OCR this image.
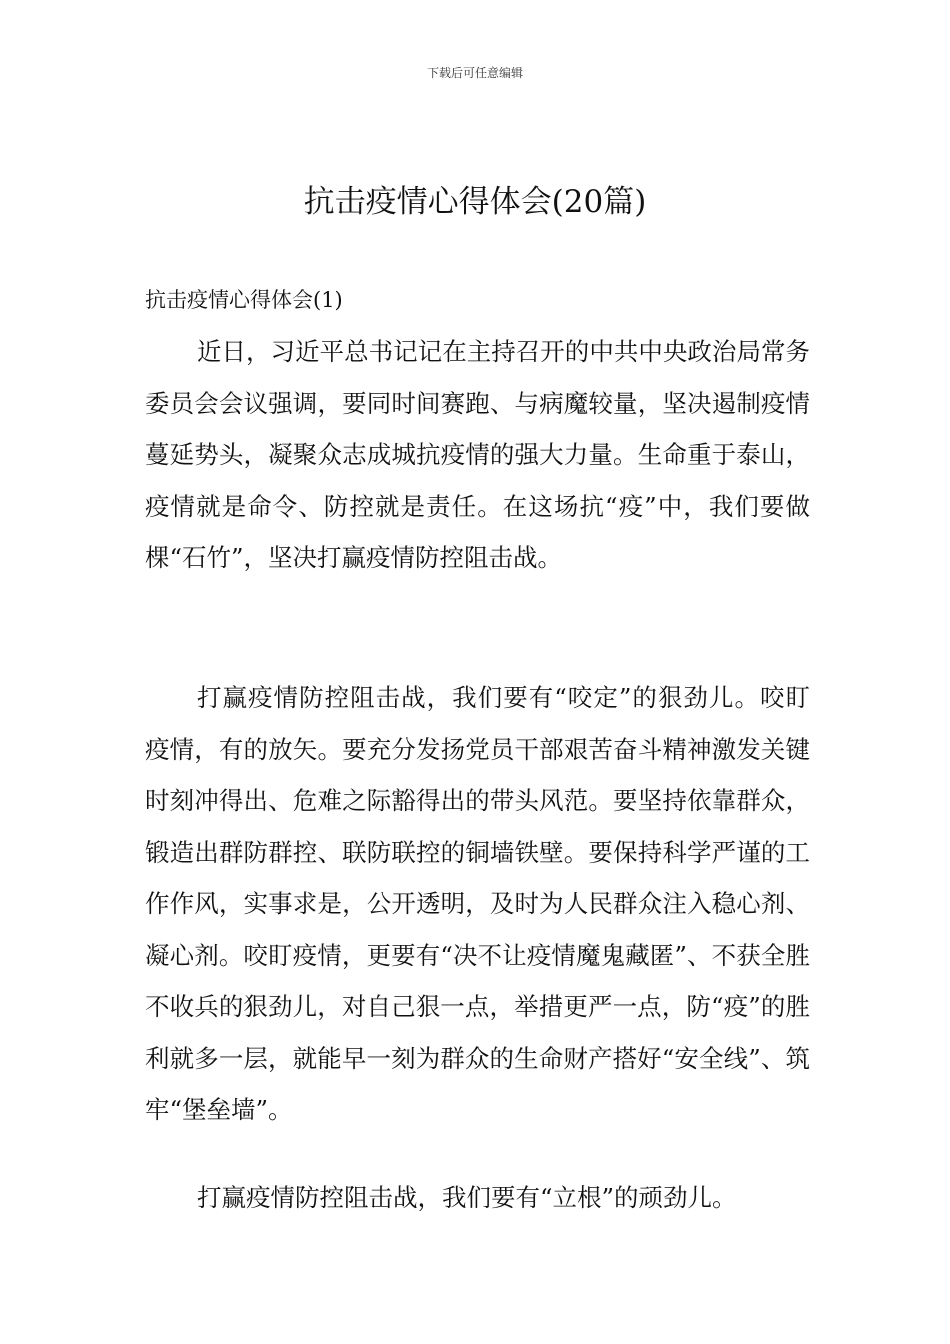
下载后可任意编辑
抗击疫情心得体会(20篇)
抗击疫情心得体会(1)

近日，习近平总书记记在主持召开的中共中央政治局常务委员会会议强调，要同时间赛跑、与病魔较量，坚决遏制疫情蔓延势头，凝聚众志成城抗疫情的强大力量。生命重于泰山，疫情就是命令、防控就是责任。在这场抗“疫”中，我们要做棵“石竹”，坚决打赢疫情防控阻击战。

打赢疫情防控阻击战，我们要有“咬定”的狠劲儿。咬盯疫情，有的放矢。要充分发扬党员干部艰苦奋斗精神激发关键时刻冲得出、危难之际豁得出的带头风范。要坚持依靠群众，锻造出群防群控、联防联控的铜墙铁壁。要保持科学严谨的工作作风，实事求是，公开透明，及时为人民群众注入稳心剂、凝心剂。咬盯疫情，更要有“决不让疫情魔鬼藏匿”、不获全胜不收兵的狠劲儿，对自己狠一点，举措更严一点，防“疫”的胜利就多一层，就能早一刻为群众的生命财产搭好“安全线”、筑牢“堡垒墙”。

打赢疫情防控阻击战，我们要有“立根”的顽劲儿。
